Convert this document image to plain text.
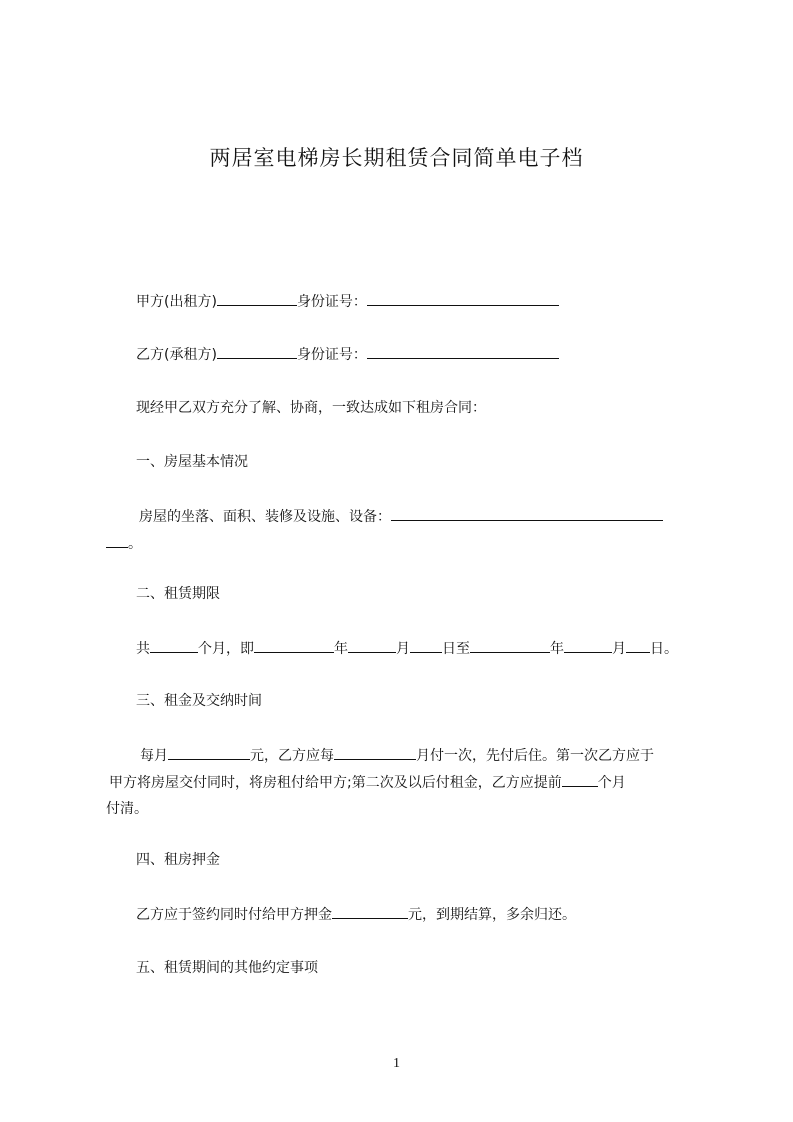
两居室电梯房长期租赁合同简单电子档
甲方(出租方)	身份证号：
乙方(承租方)	身份证号：
现经甲乙双方充分了解、协商，一致达成如下租房合同：
一、房屋基本情况
房屋的坐落、面积、装修及设施、设备：
。
二、租赁期限
共	个月，即	年	月 日至	年	月 日。
三、租金及交纳时间
每月	元，乙方应每	月付一次，先付后住。第一次乙方应于
甲方将房屋交付同时，将房租付给甲方;第二次及以后付租金，乙方应提前	个月
付清。
四、租房押金
乙方应于签约同时付给甲方押金	元，到期结算，多余归还。
五、租赁期间的其他约定事项
1
